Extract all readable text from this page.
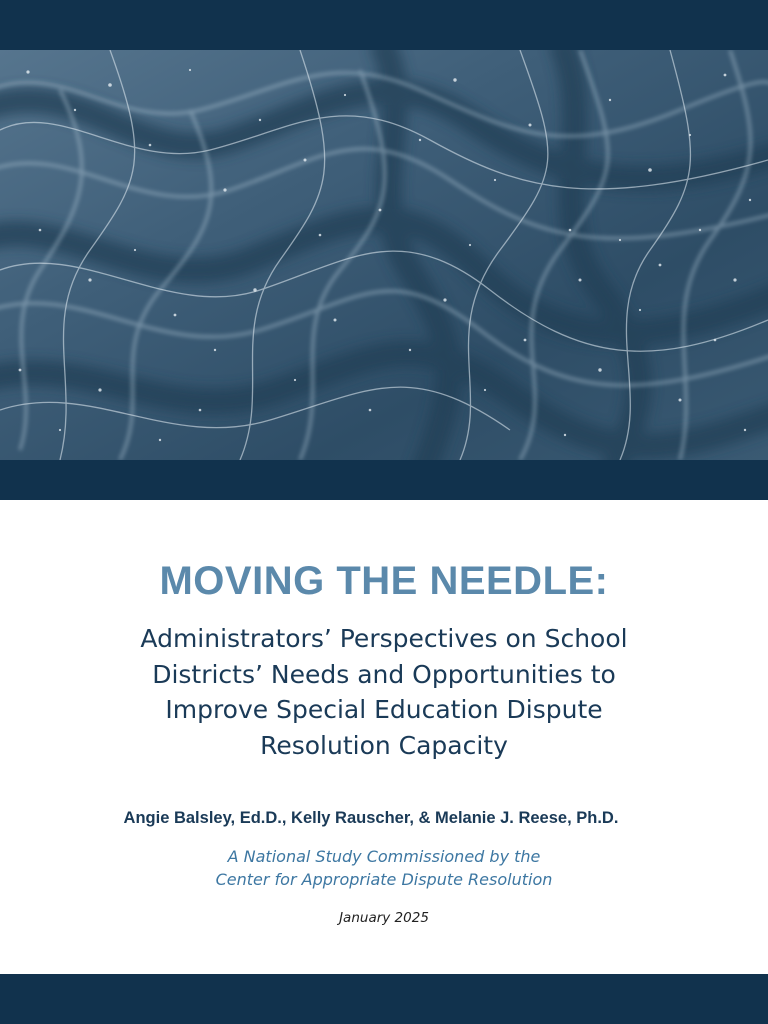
MOVING THE NEEDLE:
Administrators’ Perspectives on School
Districts’ Needs and Opportunities to
Improve Special Education Dispute
Resolution Capacity
Angie Balsley, Ed.D., Kelly Rauscher, & Melanie J. Reese, Ph.D.
A National Study Commissioned by the
Center for Appropriate Dispute Resolution
January 2025
